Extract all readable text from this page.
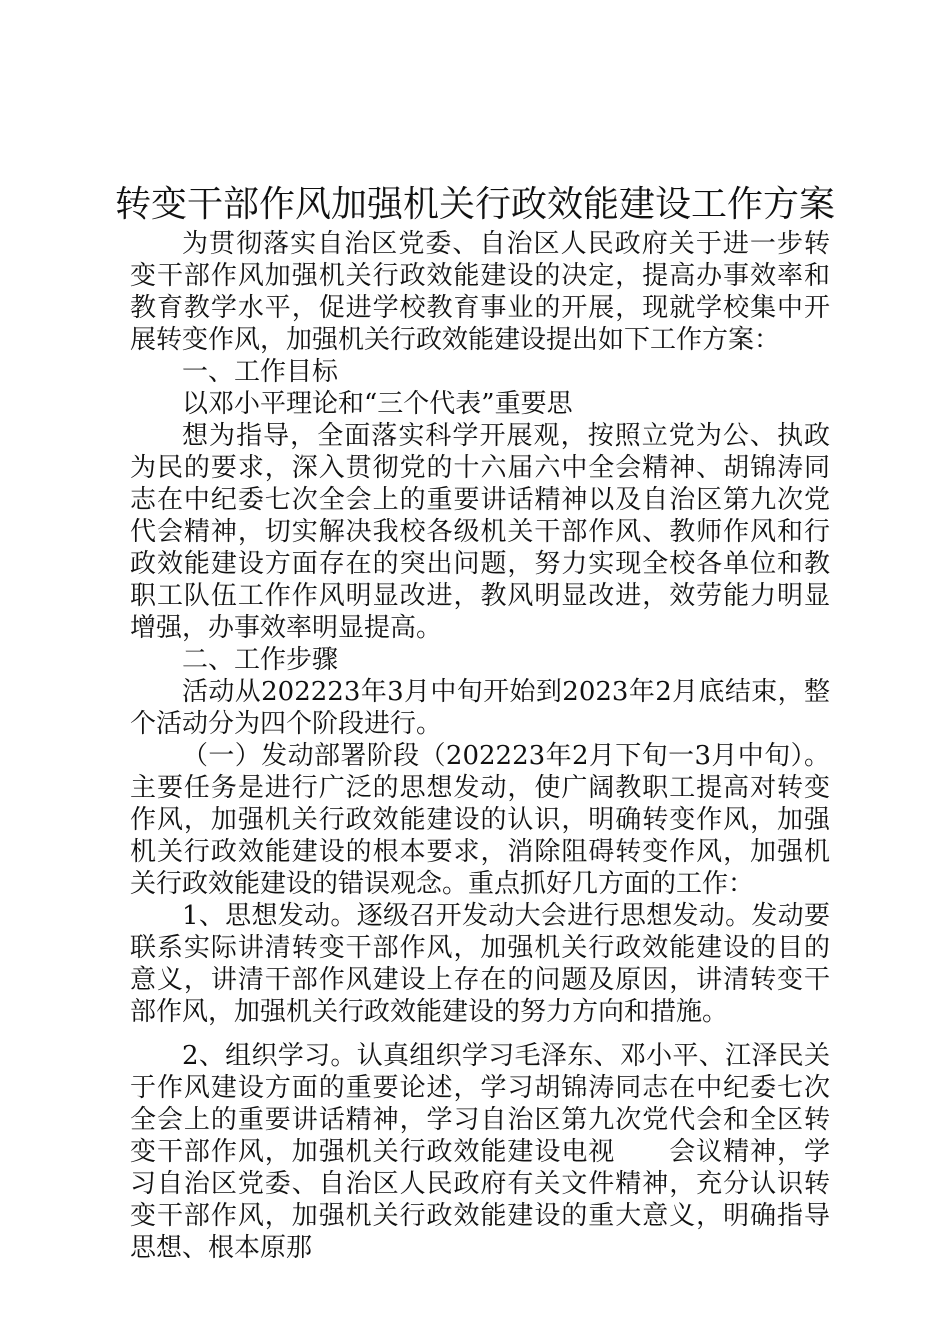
转变干部作风加强机关行政效能建设工作方案

为贯彻落实自治区党委、自治区人民政府关于进一步转变干部作风加强机关行政效能建设的决定，提高办事效率和教育教学水平，促进学校教育事业的开展，现就学校集中开展转变作风，加强机关行政效能建设提出如下工作方案：

一、工作目标

以邓小平理论和“三个代表”重要思

想为指导，全面落实科学开展观，按照立党为公、执政为民的要求，深入贯彻党的十六届六中全会精神、胡锦涛同志在中纪委七次全会上的重要讲话精神以及自治区第九次党代会精神，切实解决我校各级机关干部作风、教师作风和行政效能建设方面存在的突出问题，努力实现全校各单位和教职工队伍工作作风明显改进，教风明显改进，效劳能力明显增强，办事效率明显提高。

二、工作步骤

活动从202223年3月中旬开始到2023年2月底结束，整个活动分为四个阶段进行。

（一）发动部署阶段（202223年2月下旬一3月中旬）。主要任务是进行广泛的思想发动，使广阔教职工提高对转变作风，加强机关行政效能建设的认识，明确转变作风，加强机关行政效能建设的根本要求，消除阻碍转变作风，加强机关行政效能建设的错误观念。重点抓好几方面的工作：

1、思想发动。逐级召开发动大会进行思想发动。发动要联系实际讲清转变干部作风，加强机关行政效能建设的目的意义，讲清干部作风建设上存在的问题及原因，讲清转变干部作风，加强机关行政效能建设的努力方向和措施。

2、组织学习。认真组织学习毛泽东、邓小平、江泽民关于作风建设方面的重要论述，学习胡锦涛同志在中纪委七次全会上的重要讲话精神，学习自治区第九次党代会和全区转变干部作风，加强机关行政效能建设电视　　会议精神，学习自治区党委、自治区人民政府有关文件精神，充分认识转变干部作风，加强机关行政效能建设的重大意义，明确指导思想、根本原那
